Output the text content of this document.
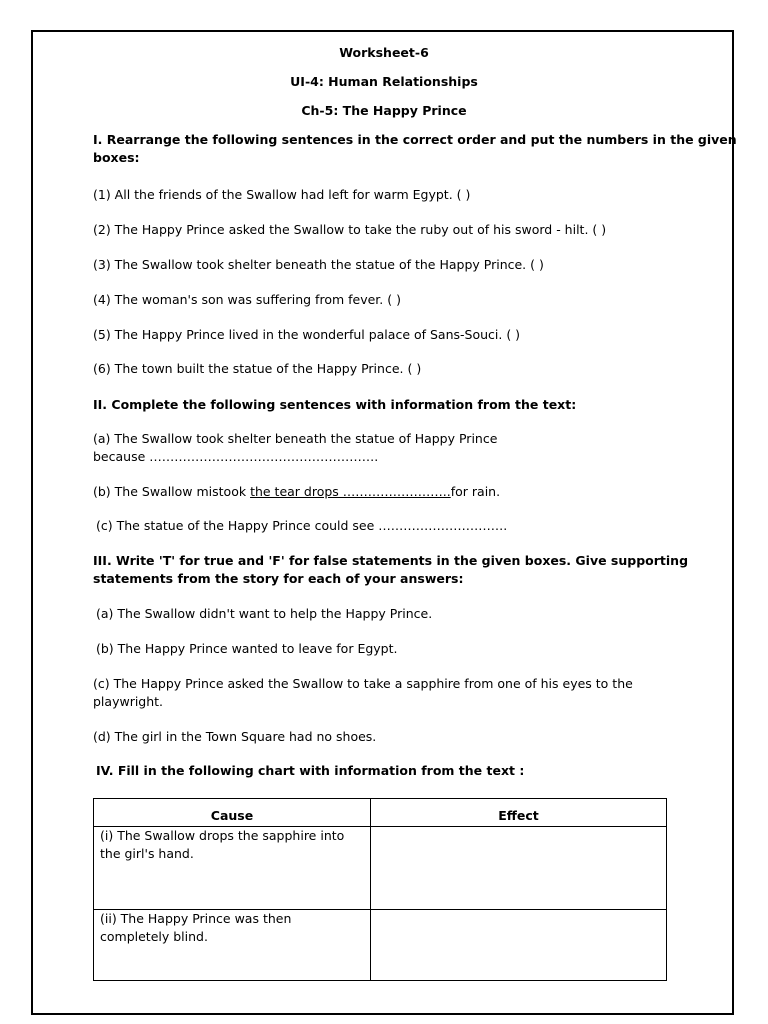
Worksheet-6
UI-4: Human Relationships
Ch-5: The Happy Prince
I. Rearrange the following sentences in the correct order and put the numbers in the given
boxes:
(1) All the friends of the Swallow had left for warm Egypt. ( )
(2) The Happy Prince asked the Swallow to take the ruby out of his sword - hilt. ( )
(3) The Swallow took shelter beneath the statue of the Happy Prince. ( )
(4) The woman's son was suffering from fever. ( )
(5) The Happy Prince lived in the wonderful palace of Sans-Souci. ( )
(6) The town built the statue of the Happy Prince. ( )
II. Complete the following sentences with information from the text:
(a) The Swallow took shelter beneath the statue of Happy Prince
because ……………………………………………….
(b) The Swallow mistook the tear drops ……………………..for rain.
(c) The statue of the Happy Prince could see ………………………….
III. Write 'T' for true and 'F' for false statements in the given boxes. Give supporting
statements from the story for each of your answers:
(a) The Swallow didn't want to help the Happy Prince.
(b) The Happy Prince wanted to leave for Egypt.
(c) The Happy Prince asked the Swallow to take a sapphire from one of his eyes to the
playwright.
(d) The girl in the Town Square had no shoes.
IV. Fill in the following chart with information from the text :
Cause	Effect

(i) The Swallow drops the sapphire into
the girl's hand.	

(ii) The Happy Prince was then
completely blind.	
